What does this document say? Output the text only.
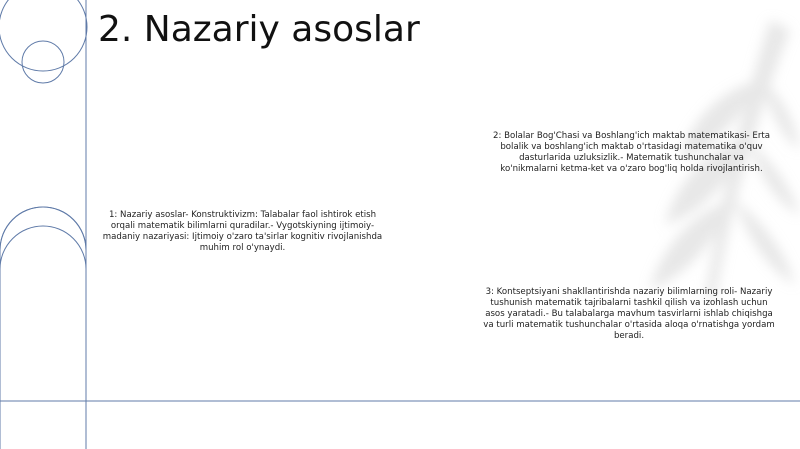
2. Nazariy asoslar
1: Nazariy asoslar- Konstruktivizm: Talabalar faol ishtirok etish orqali matematik bilimlarni quradilar.- Vygotskiyning ijtimoiy-madaniy nazariyasi: Ijtimoiy o'zaro ta'sirlar kognitiv rivojlanishda muhim rol o'ynaydi.
2: Bolalar Bog'Chasi va Boshlang'ich maktab matematikasi- Erta bolalik va boshlang'ich maktab o'rtasidagi matematika o'quv dasturlarida uzluksizlik.- Matematik tushunchalar va ko'nikmalarni ketma-ket va o'zaro bog'liq holda rivojlantirish.
3: Kontseptsiyani shakllantirishda nazariy bilimlarning roli- Nazariy tushunish matematik tajribalarni tashkil qilish va izohlash uchun asos yaratadi.- Bu talabalarga mavhum tasvirlarni ishlab chiqishga va turli matematik tushunchalar o'rtasida aloqa o'rnatishga yordam beradi.
